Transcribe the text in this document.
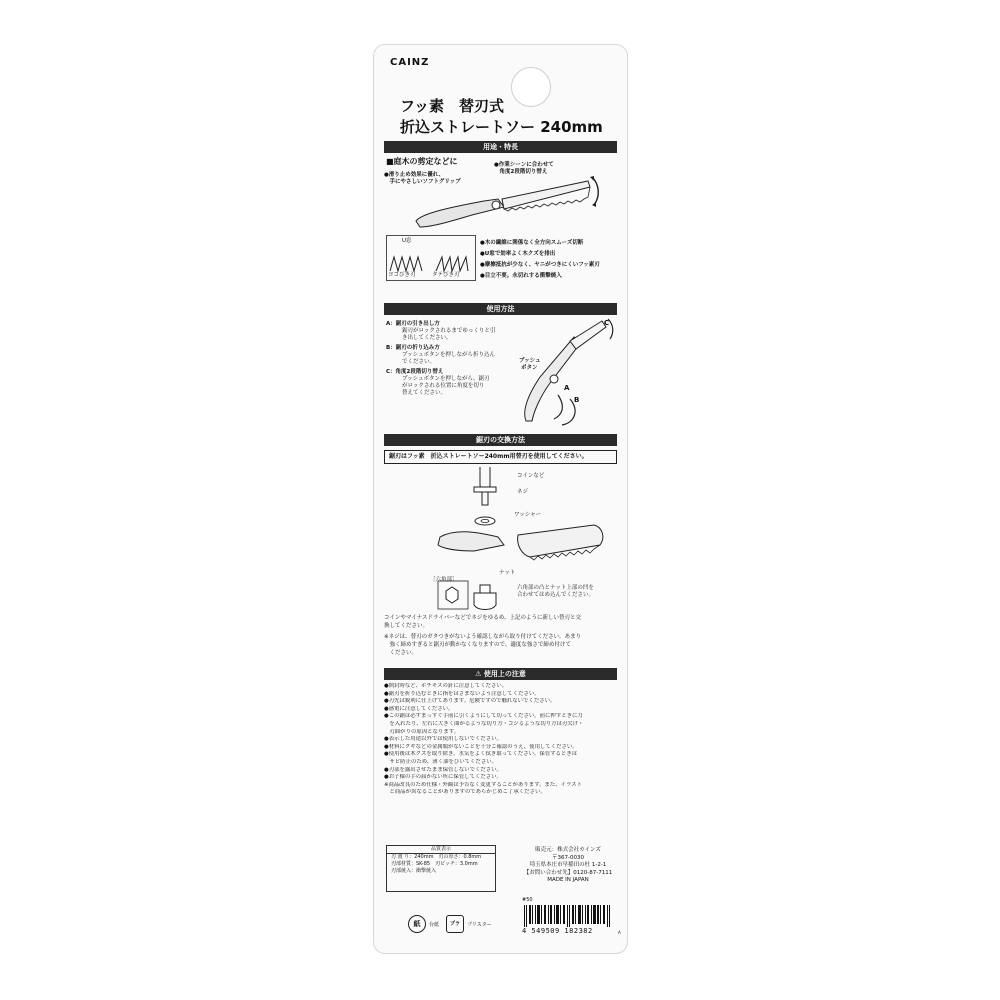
CAINZ
フッ素　替刃式
折込ストレートソー 240mm
用途・特長
■庭木の剪定などに
●滑り止め効果に優れ、
　手にやさしいソフトグリップ
●作業シーンに合わせて
　角度2段階切り替え
U窓
ヨコびき刃	タテびき刃
●木の繊維に関係なく全方向スムーズ切断
●U窓で効率よく木クズを排出
●摩擦抵抗が少なく、ヤニがつきにくいフッ素刃
●目立不要。永切れする衝撃焼入
使用方法
A：鋸刃の引き出し方
鋸刃がロックされるまでゆっくりと引
き出してください。
B：鋸刃の折り込み方
プッシュボタンを押しながら折り込ん
でください。
C：角度2段階切り替え
プッシュボタンを押しながら、鋸刃
がロックされる位置に角度を切り
替えてください。
プッシュ
ボタン
A
B
C
鋸刃の交換方法
鋸刃はフッ素　折込ストレートソー240mm用替刃を使用してください。
コインなど
ネジ
ワッシャー
ナット
［六角部］
六角部の凸とナット上部の凹を
合わせてはめ込んでください。
コインやマイナスドライバーなどでネジをゆるめ、上記のように新しい替刃と交
換してください。
※ネジは、替刃のガタつきがないよう確認しながら取り付けてください。あまり
　強く締めすぎると鋸刃が動かなくなりますので、適度な強さで締め付けて
　ください。
⚠ 使用上の注意
●開封時など、ホチキスの針に注意してください。
●鋸刃を折り込むときに指をはさまないよう注意してください。
●刃先は鋭利に仕上げてあります。危険ですので触れないでください。
●感電に注意してください。
●この鋸は必ずまっすぐ手前に引くようにして切ってください。前に押すときに力
　を入れたり、左右に大きく曲がるような切り方・コジるような切り方は刃欠け・
　刃曲がりの原因となります。
●表示した用途以外では使用しないでください。
●材料にクギなどの金属類がないことを十分ご確認のうえ、使用してください。
●使用後は木クズを取り除き、水気をよく拭き取ってください。保管するときは
　サビ防止のため、薄く油をひいてください。
●刃部を露出させたまま保管しないでください。
●お子様の手の届かない所に保管してください。
※商品改良のため仕様・外観は予告なく変更することがあります。また、イラスト
　と商品が異なることがありますのであらかじめご了承ください。
品質表示
刃 渡 り：240mm　刃の厚さ：0.8mm
刃部材質：SK-85　刃ピッチ：3.0mm
刃部焼入：衝撃焼入
販売元：株式会社カインズ
〒367-0030
埼玉県本庄市早稲田の杜 1-2-1
【お問い合わせ先】0120-87-7111
MADE IN JAPAN
#50
4 549509 182382	A
紙	台紙	プラ	ブリスター
